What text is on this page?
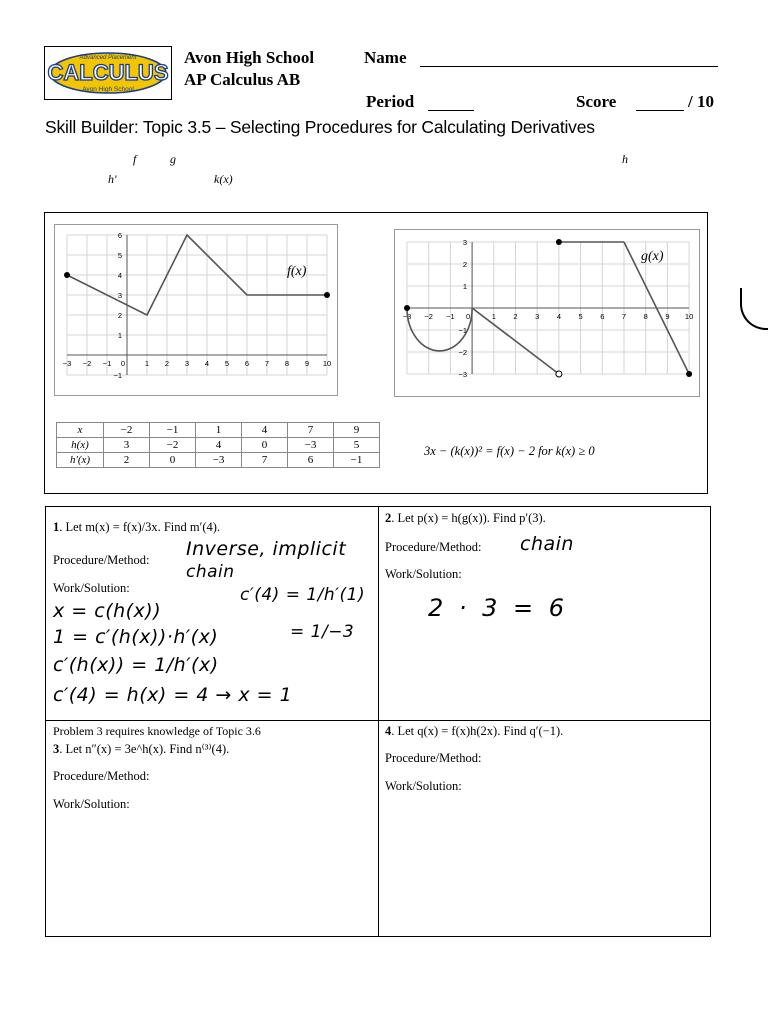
Advanced Placement
CALCULUS
Avon High School
Avon High School
AP Calculus AB
Name
Period	Score	/ 10
Skill Builder: Topic 3.5 – Selecting Procedures for Calculating Derivatives
f	g	h
h′	k(x)
−3 −2 −1 0	1 2 3 4 5 6 7 8 9 10
−1
1
2
3
4
5
6
f(x)
−3 −2 −1 0	1 2 3 4 5 6 7 8 9 10
−3
−2
−1
1
2
3
g(x)
x	−2	−1	1	4	7	9
h(x)	3	−2	4	0	−3	5
h′(x)	2	0	−3	7	6	−1
3x − (k(x))² = f(x) − 2 for k(x) ≥ 0
1. Let m(x) = f(x)/3x. Find m′(4).
Procedure/Method:
Work/Solution:
Inverse, implicit
chain
c′(4) = 1/h′(1)
= 1/−3
x = c(h(x))
1 = c′(h(x))·h′(x)
c′(h(x)) = 1/h′(x)
c′(4) = h(x) = 4 → x = 1
2. Let p(x) = h(g(x)). Find p′(3).
Procedure/Method:
Work/Solution:
chain
2 · 3 = 6
Problem 3 requires knowledge of Topic 3.6
3. Let n″(x) = 3e^h(x). Find n⁽³⁾(4).
Procedure/Method:
Work/Solution:
4. Let q(x) = f(x)h(2x). Find q′(−1).
Procedure/Method:
Work/Solution:
